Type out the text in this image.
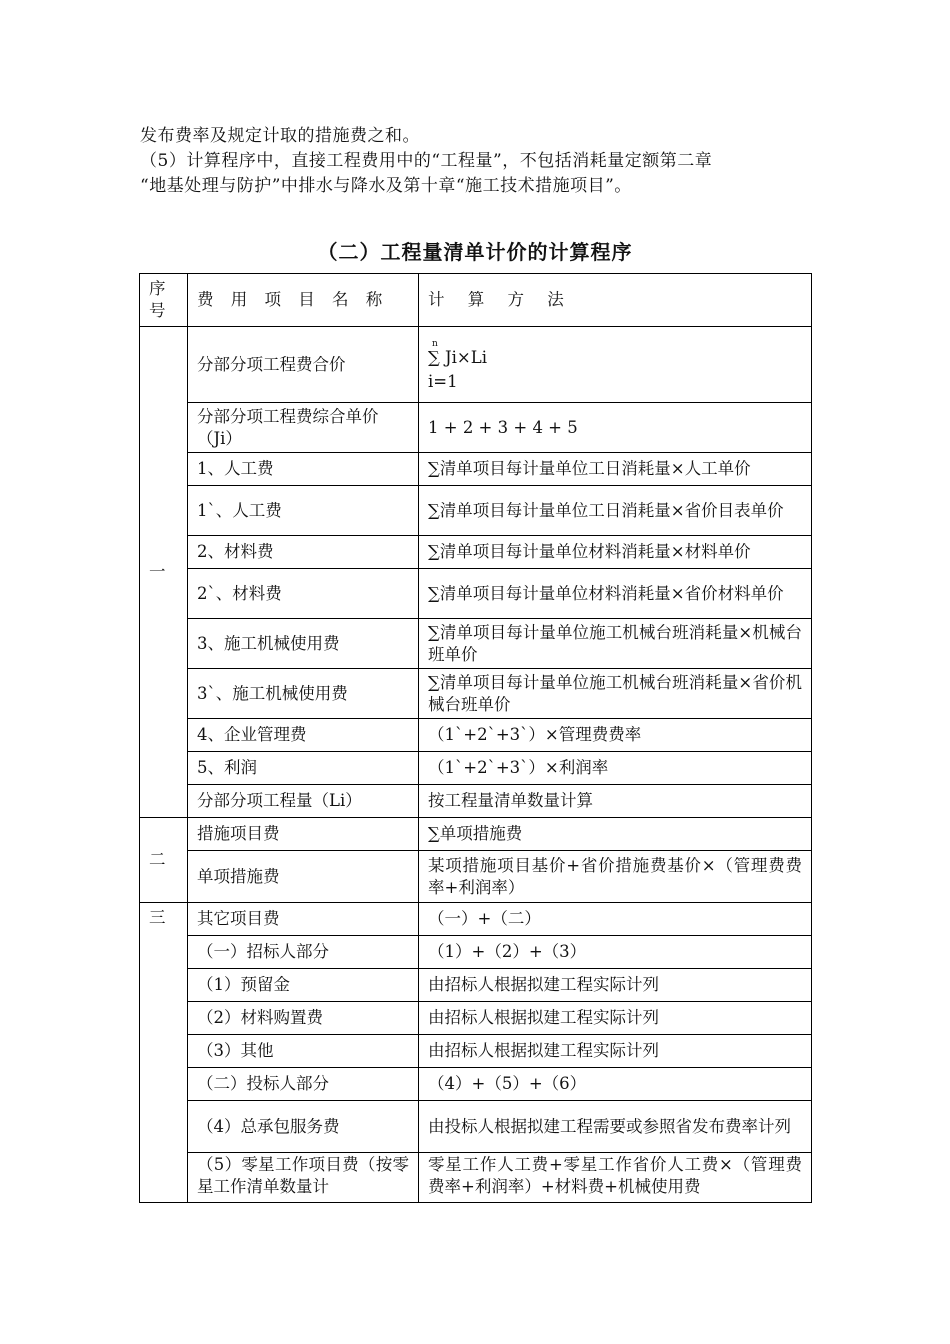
发布费率及规定计取的措施费之和。

（5）计算程序中，直接工程费用中的“工程量”，不包括消耗量定额第二章

“地基处理与防护”中排水与降水及第十章“施工技术措施项目”。

（二）工程量清单计价的计算程序
序号	费 用 项 目 名 称	计 算 方 法
一	分部分项工程费合价	n
∑ Ji×Li
i=1

	分部分项工程费综合单价（Ji）	1 + 2 + 3 + 4 + 5
	1、人工费	∑清单项目每计量单位工日消耗量×人工单价
	1`、人工费	∑清单项目每计量单位工日消耗量×省价目表单价
	2、材料费	∑清单项目每计量单位材料消耗量×材料单价
	2`、材料费	∑清单项目每计量单位材料消耗量×省价材料单价
	3、施工机械使用费	∑清单项目每计量单位施工机械台班消耗量×机械台班单价
	3`、施工机械使用费	∑清单项目每计量单位施工机械台班消耗量×省价机械台班单价
	4、企业管理费	（1`+2`+3`）×管理费费率
	5、利润	（1`+2`+3`）×利润率
	分部分项工程量（Li）	按工程量清单数量计算
二	措施项目费	∑单项措施费
	单项措施费	某项措施项目基价+省价措施费基价×（管理费费率+利润率）
三	其它项目费	（一）+（二）
	（一）招标人部分	（1）+（2）+（3）
	（1）预留金	由招标人根据拟建工程实际计列
	（2）材料购置费	由招标人根据拟建工程实际计列
	（3）其他	由招标人根据拟建工程实际计列
	（二）投标人部分	（4）+（5）+（6）
	（4）总承包服务费	由投标人根据拟建工程需要或参照省发布费率计列
	（5）零星工作项目费（按零星工作清单数量计	零星工作人工费+零星工作省价人工费×（管理费费率+利润率）+材料费+机械使用费
